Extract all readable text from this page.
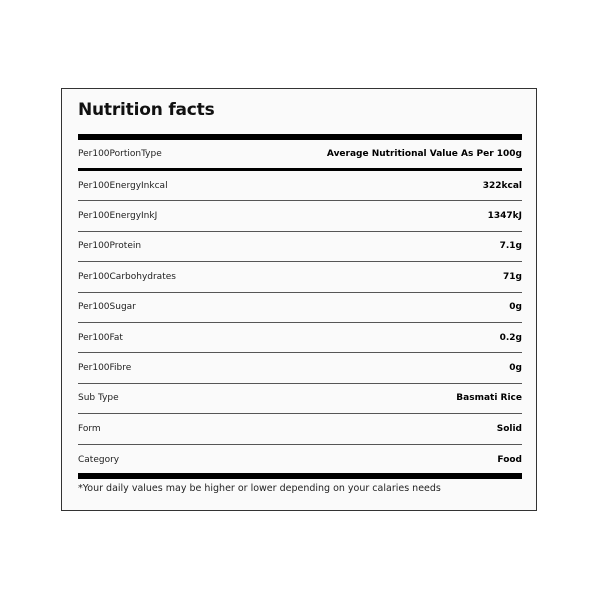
Nutrition facts
Per100PortionType	Average Nutritional Value As Per 100g
Per100EnergyInkcal	322kcal
Per100EnergyInkJ	1347kJ
Per100Protein	7.1g
Per100Carbohydrates	71g
Per100Sugar	0g
Per100Fat	0.2g
Per100Fibre	0g
Sub Type	Basmati Rice
Form	Solid
Category	Food
*Your daily values may be higher or lower depending on your calaries needs
